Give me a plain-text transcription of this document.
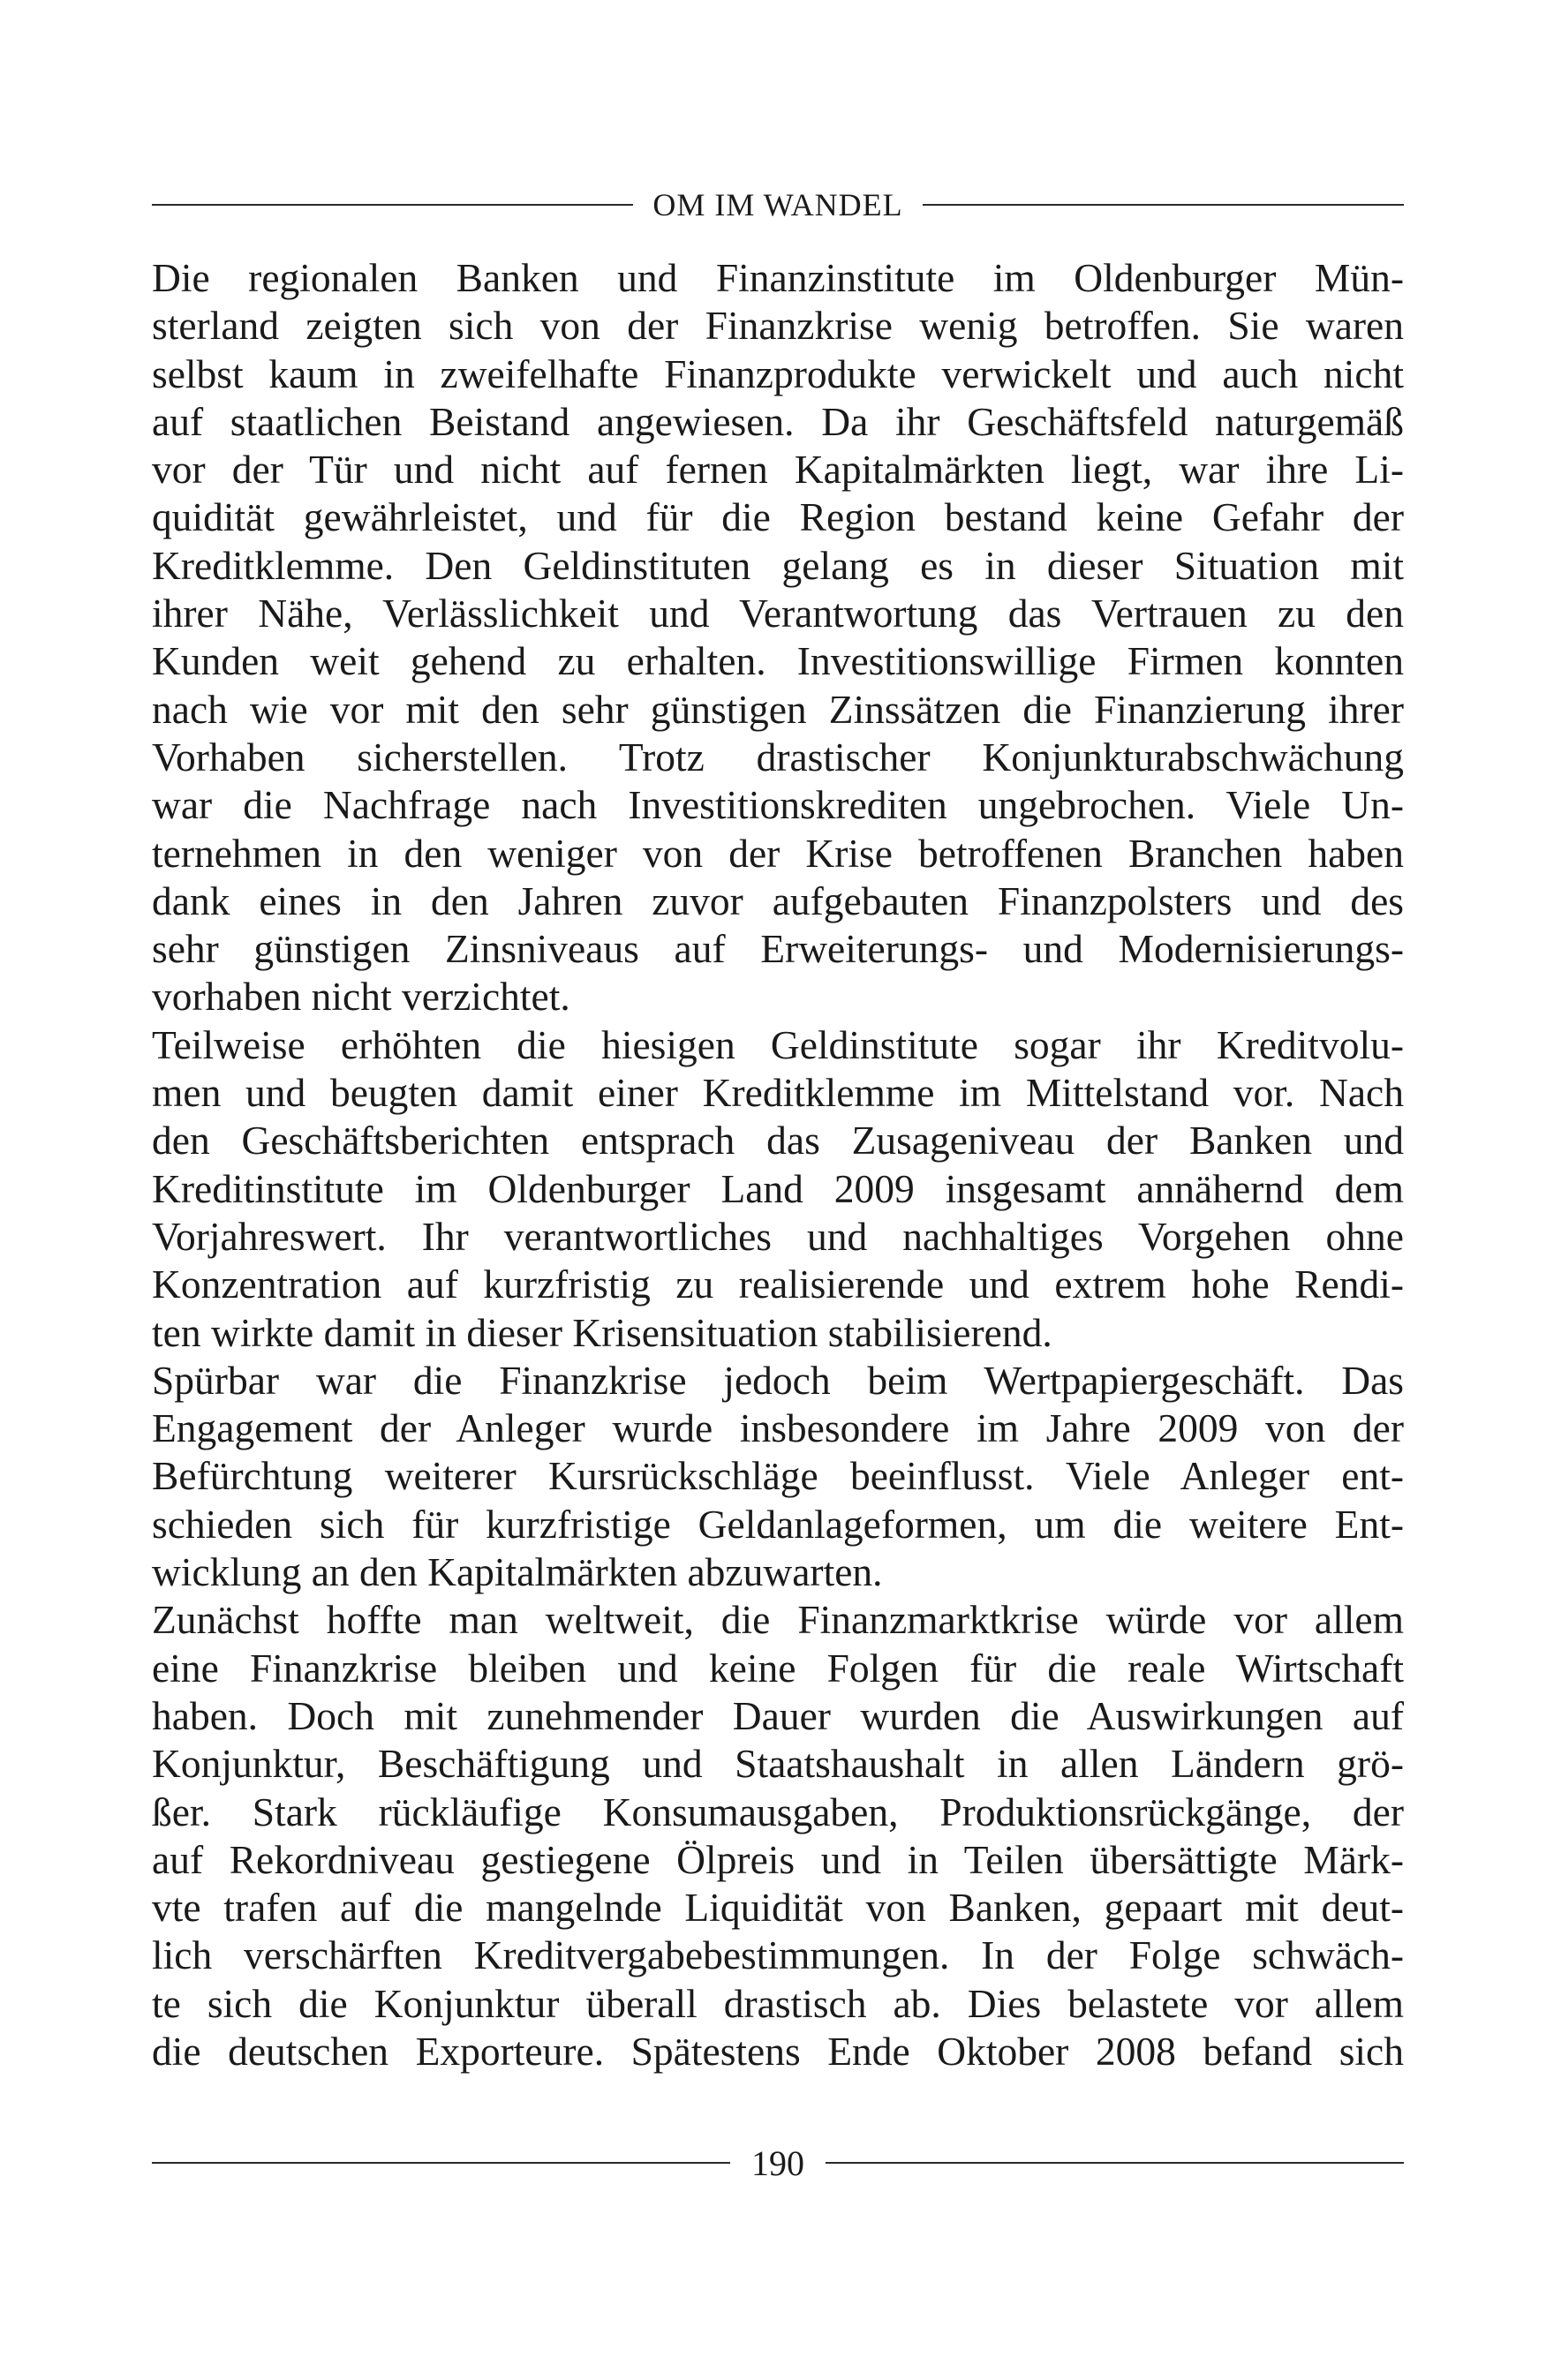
OM IM WANDEL
Die regionalen Banken und Finanzinstitute im Oldenburger Mün-
sterland zeigten sich von der Finanzkrise wenig betroffen. Sie waren
selbst kaum in zweifelhafte Finanzprodukte verwickelt und auch nicht
auf staatlichen Beistand angewiesen. Da ihr Geschäftsfeld naturgemäß
vor der Tür und nicht auf fernen Kapitalmärkten liegt, war ihre Li-
quidität gewährleistet, und für die Region bestand keine Gefahr der
Kreditklemme. Den Geldinstituten gelang es in dieser Situation mit
ihrer Nähe, Verlässlichkeit und Verantwortung das Vertrauen zu den
Kunden weit gehend zu erhalten. Investitionswillige Firmen konnten
nach wie vor mit den sehr günstigen Zinssätzen die Finanzierung ihrer
Vorhaben sicherstellen. Trotz drastischer Konjunkturabschwächung
war die Nachfrage nach Investitionskrediten ungebrochen. Viele Un-
ternehmen in den weniger von der Krise betroffenen Branchen haben
dank eines in den Jahren zuvor aufgebauten Finanzpolsters und des
sehr günstigen Zinsniveaus auf Erweiterungs- und Modernisierungs-
vorhaben nicht verzichtet.
Teilweise erhöhten die hiesigen Geldinstitute sogar ihr Kreditvolu-
men und beugten damit einer Kreditklemme im Mittelstand vor. Nach
den Geschäftsberichten entsprach das Zusageniveau der Banken und
Kreditinstitute im Oldenburger Land 2009 insgesamt annähernd dem
Vorjahreswert. Ihr verantwortliches und nachhaltiges Vorgehen ohne
Konzentration auf kurzfristig zu realisierende und extrem hohe Rendi-
ten wirkte damit in dieser Krisensituation stabilisierend.
Spürbar war die Finanzkrise jedoch beim Wertpapiergeschäft. Das
Engagement der Anleger wurde insbesondere im Jahre 2009 von der
Befürchtung weiterer Kursrückschläge beeinflusst. Viele Anleger ent-
schieden sich für kurzfristige Geldanlageformen, um die weitere Ent-
wicklung an den Kapitalmärkten abzuwarten.
Zunächst hoffte man weltweit, die Finanzmarktkrise würde vor allem
eine Finanzkrise bleiben und keine Folgen für die reale Wirtschaft
haben. Doch mit zunehmender Dauer wurden die Auswirkungen auf
Konjunktur, Beschäftigung und Staatshaushalt in allen Ländern grö-
ßer. Stark rückläufige Konsumausgaben, Produktionsrückgänge, der
auf Rekordniveau gestiegene Ölpreis und in Teilen übersättigte Märk-
vte trafen auf die mangelnde Liquidität von Banken, gepaart mit deut-
lich verschärften Kreditvergabebestimmungen. In der Folge schwäch-
te sich die Konjunktur überall drastisch ab. Dies belastete vor allem
die deutschen Exporteure. Spätestens Ende Oktober 2008 befand sich
190
